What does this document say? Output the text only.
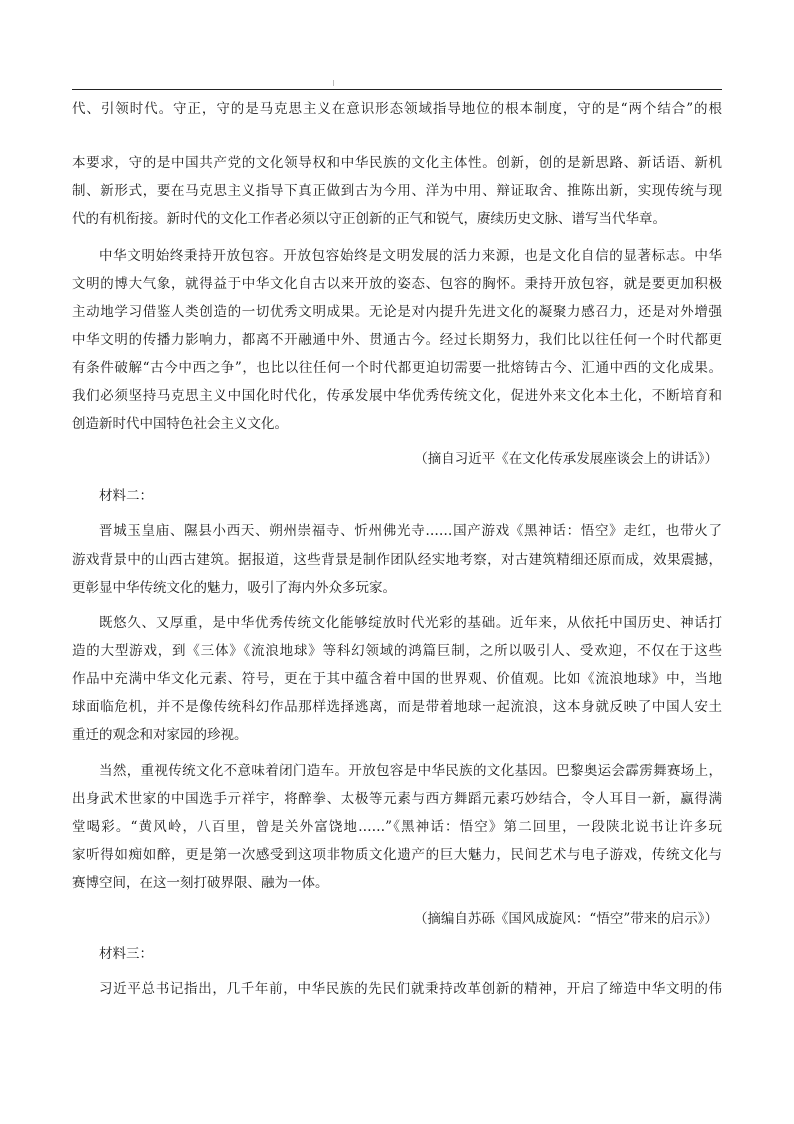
代、引领时代。守正，守的是马克思主义在意识形态领域指导地位的根本制度，守的是“两个结合”的根
本要求，守的是中国共产党的文化领导权和中华民族的文化主体性。创新，创的是新思路、新话语、新机
制、新形式，要在马克思主义指导下真正做到古为今用、洋为中用、辩证取舍、推陈出新，实现传统与现
代的有机衔接。新时代的文化工作者必须以守正创新的正气和锐气，赓续历史文脉、谱写当代华章。
中华文明始终秉持开放包容。开放包容始终是文明发展的活力来源，也是文化自信的显著标志。中华
文明的博大气象，就得益于中华文化自古以来开放的姿态、包容的胸怀。秉持开放包容，就是要更加积极
主动地学习借鉴人类创造的一切优秀文明成果。无论是对内提升先进文化的凝聚力感召力，还是对外增强
中华文明的传播力影响力，都离不开融通中外、贯通古今。经过长期努力，我们比以往任何一个时代都更
有条件破解“古今中西之争”，也比以往任何一个时代都更迫切需要一批熔铸古今、汇通中西的文化成果。
我们必须坚持马克思主义中国化时代化，传承发展中华优秀传统文化，促进外来文化本土化，不断培育和
创造新时代中国特色社会主义文化。
（摘自习近平《在文化传承发展座谈会上的讲话》）
材料二：
晋城玉皇庙、隰县小西天、朔州崇福寺、忻州佛光寺……国产游戏《黑神话：悟空》走红，也带火了
游戏背景中的山西古建筑。据报道，这些背景是制作团队经实地考察，对古建筑精细还原而成，效果震撼，
更彰显中华传统文化的魅力，吸引了海内外众多玩家。
既悠久、又厚重，是中华优秀传统文化能够绽放时代光彩的基础。近年来，从依托中国历史、神话打
造的大型游戏，到《三体》《流浪地球》等科幻领域的鸿篇巨制，之所以吸引人、受欢迎，不仅在于这些
作品中充满中华文化元素、符号，更在于其中蕴含着中国的世界观、价值观。比如《流浪地球》中，当地
球面临危机，并不是像传统科幻作品那样选择逃离，而是带着地球一起流浪，这本身就反映了中国人安土
重迁的观念和对家园的珍视。
当然，重视传统文化不意味着闭门造车。开放包容是中华民族的文化基因。巴黎奥运会霹雳舞赛场上，
出身武术世家的中国选手亓祥宇，将醉拳、太极等元素与西方舞蹈元素巧妙结合，令人耳目一新，赢得满
堂喝彩。“黄风岭，八百里，曾是关外富饶地……”《黑神话：悟空》第二回里，一段陕北说书让许多玩
家听得如痴如醉，更是第一次感受到这项非物质文化遗产的巨大魅力，民间艺术与电子游戏，传统文化与
赛博空间，在这一刻打破界限、融为一体。
（摘编自苏砾《国风成旋风：“悟空”带来的启示》）
材料三：
习近平总书记指出，几千年前，中华民族的先民们就秉持改革创新的精神，开启了缔造中华文明的伟
